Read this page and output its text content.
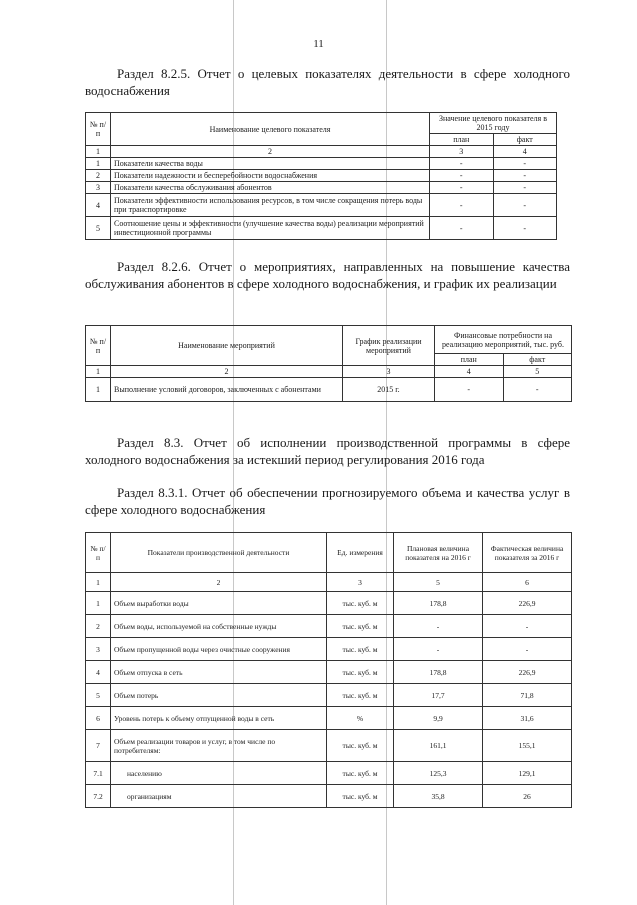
11
Раздел 8.2.5. Отчет о целевых показателях деятельности в сфере холодного водоснабжения
№ п/п	Наименование целевого показателя	Значение целевого показателя в 2015 году	
		план	факт
1	2	3	4
1	Показатели качества воды	-	-
2	Показатели надежности и бесперебойности водоснабжения	-	-
3	Показатели качества обслуживания абонентов	-	-
4	Показатели эффективности использования ресурсов, в том числе сокращения потерь воды при транспортировке	-	-
5	Соотношение цены и эффективности (улучшение качества воды) реализации мероприятий инвестиционной программы	-	-
Раздел 8.2.6. Отчет о мероприятиях, направленных на повышение качества обслуживания абонентов в сфере холодного водоснабжения, и график их реализации
№ п/п	Наименование мероприятий	График реализации мероприятий	Финансовые потребности на реализацию мероприятий, тыс. руб.	
			план	факт
1	2	3	4	5
1	Выполнение условий договоров, заключенных с абонентами	2015 г.	-	-
Раздел 8.3. Отчет об исполнении производственной программы в сфере холодного водоснабжения за истекший период регулирования 2016 года
Раздел 8.3.1. Отчет об обеспечении прогнозируемого объема и качества услуг в сфере холодного водоснабжения
№ п/п	Показатели производственной деятельности	Ед. измерения	Плановая величина показателя на 2016 г	Фактическая величина показателя за 2016 г
1	2	3	5	6
1	Объем выработки воды	тыс. куб. м	178,8	226,9
2	Объем воды, используемой на собственные нужды	тыс. куб. м	-	-
3	Объем пропущенной воды через очистные сооружения	тыс. куб. м	-	-
4	Объем отпуска в сеть	тыс. куб. м	178,8	226,9
5	Объем потерь	тыс. куб. м	17,7	71,8
6	Уровень потерь к объему отпущенной воды в сеть	%	9,9	31,6
7	Объем реализации товаров и услуг, в том числе по потребителям:	тыс. куб. м	161,1	155,1
7.1	населению	тыс. куб. м	125,3	129,1
7.2	организациям	тыс. куб. м	35,8	26
